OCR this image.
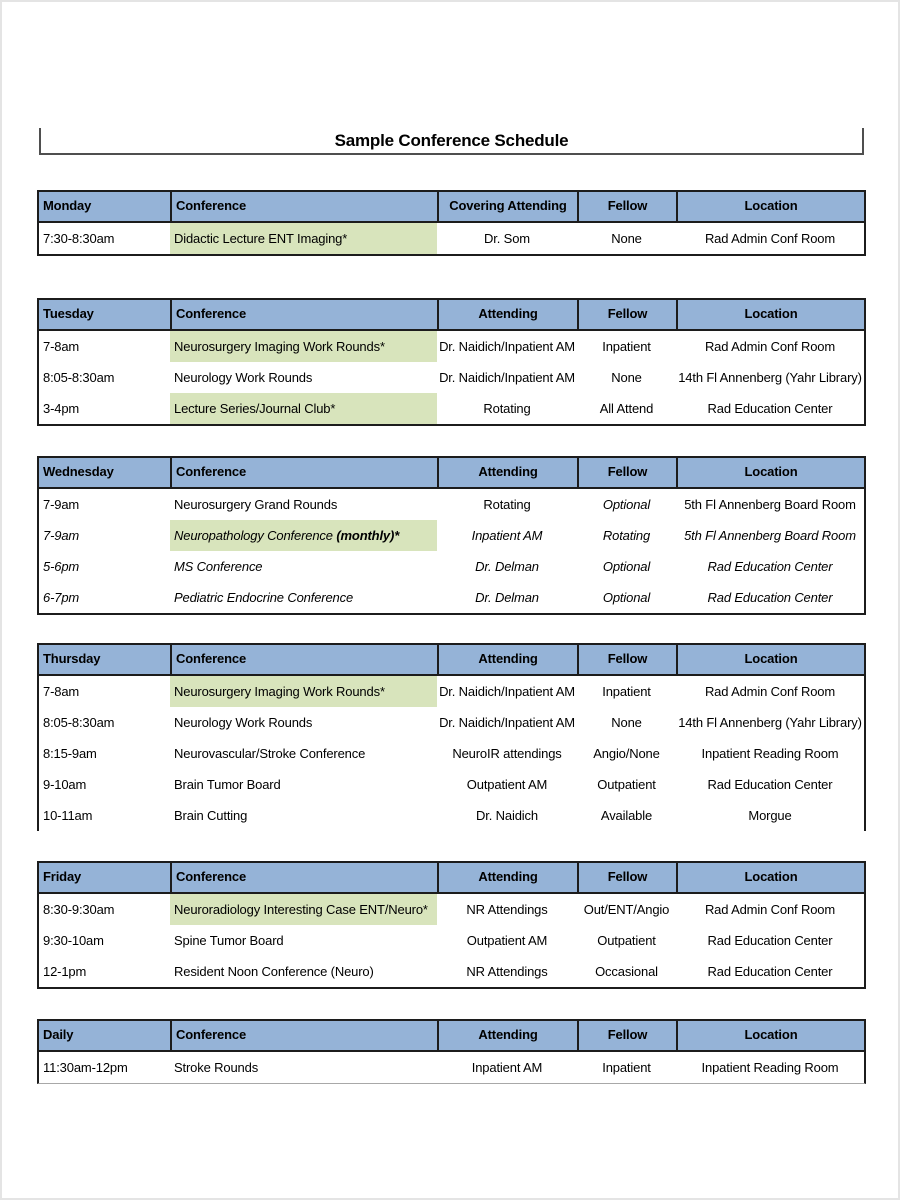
Sample Conference Schedule
Monday	Conference	Covering Attending	Fellow	Location
7:30-8:30am	Didactic Lecture ENT Imaging*	Dr. Som	None	Rad Admin Conf Room
Tuesday	Conference	Attending	Fellow	Location
7-8am	Neurosurgery Imaging Work Rounds*	Dr. Naidich/Inpatient AM	Inpatient	Rad Admin Conf Room
8:05-8:30am	Neurology Work Rounds	Dr. Naidich/Inpatient AM	None	14th Fl Annenberg (Yahr Library)
3-4pm	Lecture Series/Journal Club*	Rotating	All Attend	Rad Education Center
Wednesday	Conference	Attending	Fellow	Location
7-9am	Neurosurgery Grand Rounds	Rotating	Optional	5th Fl Annenberg Board Room
7-9am	Neuropathology Conference (monthly)*	Inpatient AM	Rotating	5th Fl Annenberg Board Room
5-6pm	MS Conference	Dr. Delman	Optional	Rad Education Center
6-7pm	Pediatric Endocrine Conference	Dr. Delman	Optional	Rad Education Center
Thursday	Conference	Attending	Fellow	Location
7-8am	Neurosurgery Imaging Work Rounds*	Dr. Naidich/Inpatient AM	Inpatient	Rad Admin Conf Room
8:05-8:30am	Neurology Work Rounds	Dr. Naidich/Inpatient AM	None	14th Fl Annenberg (Yahr Library)
8:15-9am	Neurovascular/Stroke Conference	NeuroIR attendings	Angio/None	Inpatient Reading Room
9-10am	Brain Tumor Board	Outpatient AM	Outpatient	Rad Education Center
10-11am	Brain Cutting	Dr. Naidich	Available	Morgue
Friday	Conference	Attending	Fellow	Location
8:30-9:30am	Neuroradiology Interesting Case ENT/Neuro*	NR Attendings	Out/ENT/Angio	Rad Admin Conf Room
9:30-10am	Spine Tumor Board	Outpatient AM	Outpatient	Rad Education Center
12-1pm	Resident Noon Conference (Neuro)	NR Attendings	Occasional	Rad Education Center
Daily	Conference	Attending	Fellow	Location
11:30am-12pm	Stroke Rounds	Inpatient AM	Inpatient	Inpatient Reading Room
